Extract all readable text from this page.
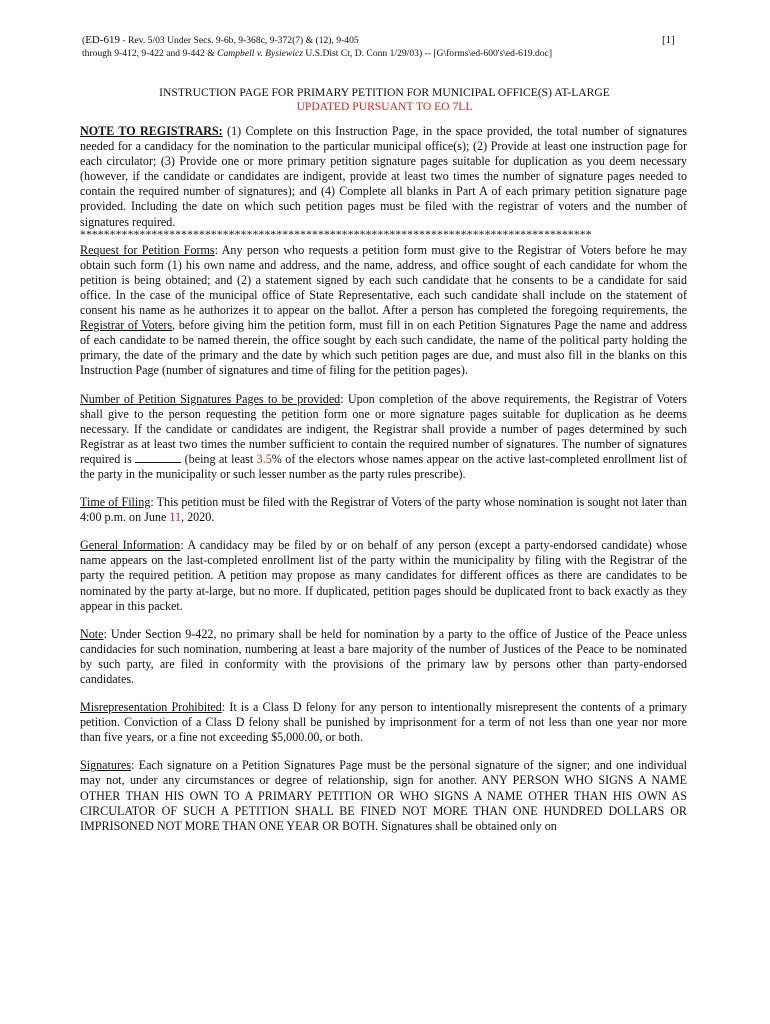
(ED-619 - Rev. 5/03 Under Secs. 9-6b, 9-368c, 9-372(7) & (12), 9-405
through 9-412, 9-422 and 9-442 & Campbell v. Bysiewicz U.S.Dist Ct, D. Conn 1/29/03) -- [G\forms\ed-600's\ed-619.doc]
[1]
INSTRUCTION PAGE FOR PRIMARY PETITION FOR MUNICIPAL OFFICE(S) AT-LARGE
UPDATED PURSUANT TO EO 7LL

NOTE TO REGISTRARS: (1) Complete on this Instruction Page, in the space provided, the total number of signatures needed for a candidacy for the nomination to the particular municipal office(s); (2) Provide at least one instruction page for each circulator; (3) Provide one or more primary petition signature pages suitable for duplication as you deem necessary (however, if the candidate or candidates are indigent, provide at least two times the number of signature pages needed to contain the required number of signatures); and (4) Complete all blanks in Part A of each primary petition signature page provided. Including the date on which such petition pages must be filed with the registrar of voters and the number of signatures required.

**************************************************************************************

Request for Petition Forms: Any person who requests a petition form must give to the Registrar of Voters before he may obtain such form (1) his own name and address, and the name, address, and office sought of each candidate for whom the petition is being obtained; and (2) a statement signed by each such candidate that he consents to be a candidate for said office. In the case of the municipal office of State Representative, each such candidate shall include on the statement of consent his name as he authorizes it to appear on the ballot. After a person has completed the foregoing requirements, the Registrar of Voters, before giving him the petition form, must fill in on each Petition Signatures Page the name and address of each candidate to be named therein, the office sought by each such candidate, the name of the political party holding the primary, the date of the primary and the date by which such petition pages are due, and must also fill in the blanks on this Instruction Page (number of signatures and time of filing for the petition pages).

Number of Petition Signatures Pages to be provided: Upon completion of the above requirements, the Registrar of Voters shall give to the person requesting the petition form one or more signature pages suitable for duplication as he deems necessary. If the candidate or candidates are indigent, the Registrar shall provide a number of pages determined by such Registrar as at least two times the number sufficient to contain the required number of signatures. The number of signatures required is	(being at least 3.5% of the electors whose names appear on the active last-completed enrollment list of the party in the municipality or such lesser number as the party rules prescribe).

Time of Filing: This petition must be filed with the Registrar of Voters of the party whose nomination is sought not later than 4:00 p.m. on June 11, 2020.

General Information: A candidacy may be filed by or on behalf of any person (except a party-endorsed candidate) whose name appears on the last-completed enrollment list of the party within the municipality by filing with the Registrar of the party the required petition. A petition may propose as many candidates for different offices as there are candidates to be nominated by the party at-large, but no more. If duplicated, petition pages should be duplicated front to back exactly as they appear in this packet.

Note: Under Section 9-422, no primary shall be held for nomination by a party to the office of Justice of the Peace unless candidacies for such nomination, numbering at least a bare majority of the number of Justices of the Peace to be nominated by such party, are filed in conformity with the provisions of the primary law by persons other than party-endorsed candidates.

Misrepresentation Prohibited: It is a Class D felony for any person to intentionally misrepresent the contents of a primary petition. Conviction of a Class D felony shall be punished by imprisonment for a term of not less than one year nor more than five years, or a fine not exceeding $5,000.00, or both.

Signatures: Each signature on a Petition Signatures Page must be the personal signature of the signer; and one individual may not, under any circumstances or degree of relationship, sign for another. ANY PERSON WHO SIGNS A NAME OTHER THAN HIS OWN TO A PRIMARY PETITION OR WHO SIGNS A NAME OTHER THAN HIS OWN AS CIRCULATOR OF SUCH A PETITION SHALL BE FINED NOT MORE THAN ONE HUNDRED DOLLARS OR IMPRISONED NOT MORE THAN ONE YEAR OR BOTH. Signatures shall be obtained only on
